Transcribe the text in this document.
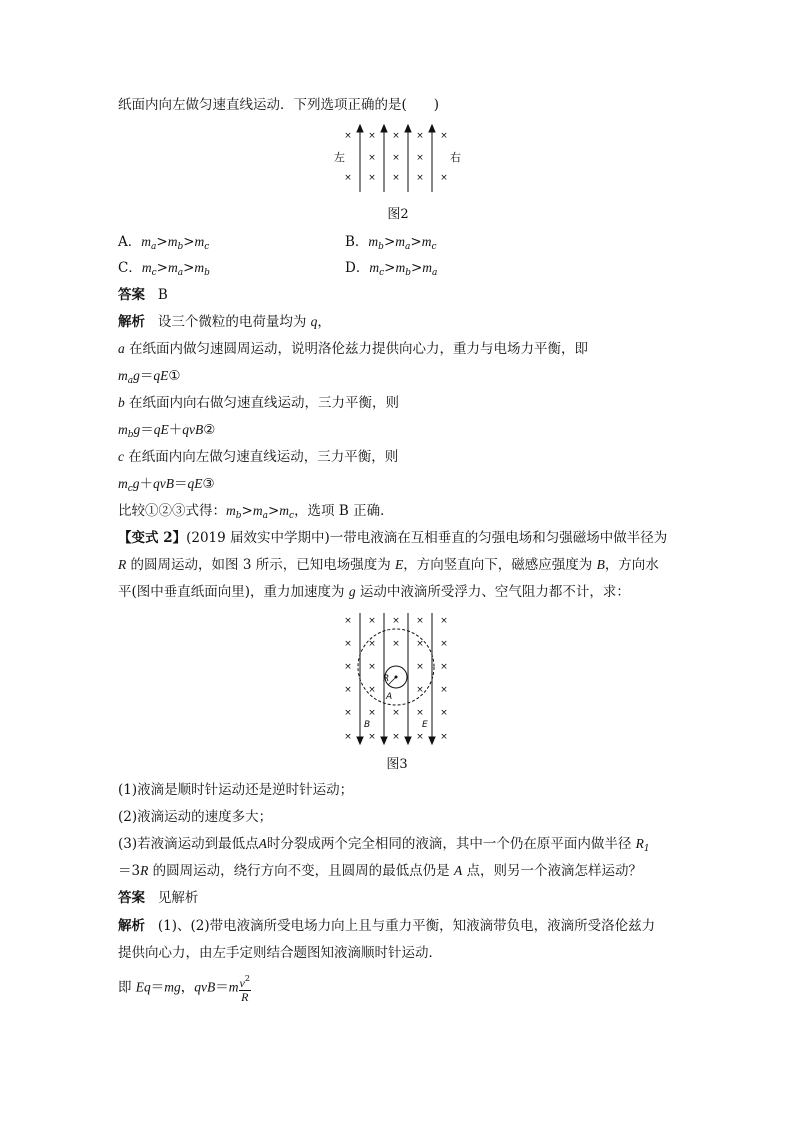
纸面内向左做匀速直线运动．下列选项正确的是(　　)
× × × × ×
× × ×
× × × × ×
左	右
图2
A．$m_a>m_b>m_c$	B．$m_b>m_a>m_c$
C．$m_c>m_a>m_b$	D．$m_c>m_b>m_a$
答案 B
解析 设三个微粒的电荷量均为 q，
a 在纸面内做匀速圆周运动，说明洛伦兹力提供向心力，重力与电场力平衡，即
$m_ag=qE①$
b 在纸面内向右做匀速直线运动，三力平衡，则
$m_bg=qE+qvB②$
c 在纸面内向左做匀速直线运动，三力平衡，则
$m_cg+qvB=qE③$
比较①②③式得：$m_b>m_a>m_c$，选项 B 正确．
【变式 2】(2019 届效实中学期中)一带电液滴在互相垂直的匀强电场和匀强磁场中做半径为
R 的圆周运动，如图 3 所示，已知电场强度为 E，方向竖直向下，磁感应强度为 B，方向水
平(图中垂直纸面向里)，重力加速度为 g 运动中液滴所受浮力、空气阻力都不计，求：
R
A
B	E
× × × × ×
× × × × ×
× ×	× ×
× ×	× ×
× × × × ×
× × × × ×
图3
(1)液滴是顺时针运动还是逆时针运动；
(2)液滴运动的速度多大；
(3)若液滴运动到最低点A时分裂成两个完全相同的液滴，其中一个仍在原平面内做半径 $R_1$
＝3R 的圆周运动，绕行方向不变，且圆周的最低点仍是 A 点，则另一个液滴怎样运动？
答案 见解析
解析 (1)、(2)带电液滴所受电场力向上且与重力平衡，知液滴带负电，液滴所受洛伦兹力
提供向心力，由左手定则结合题图知液滴顺时针运动．
即 Eq＝mg，$qvB=m \frac{v^2}{R}$
